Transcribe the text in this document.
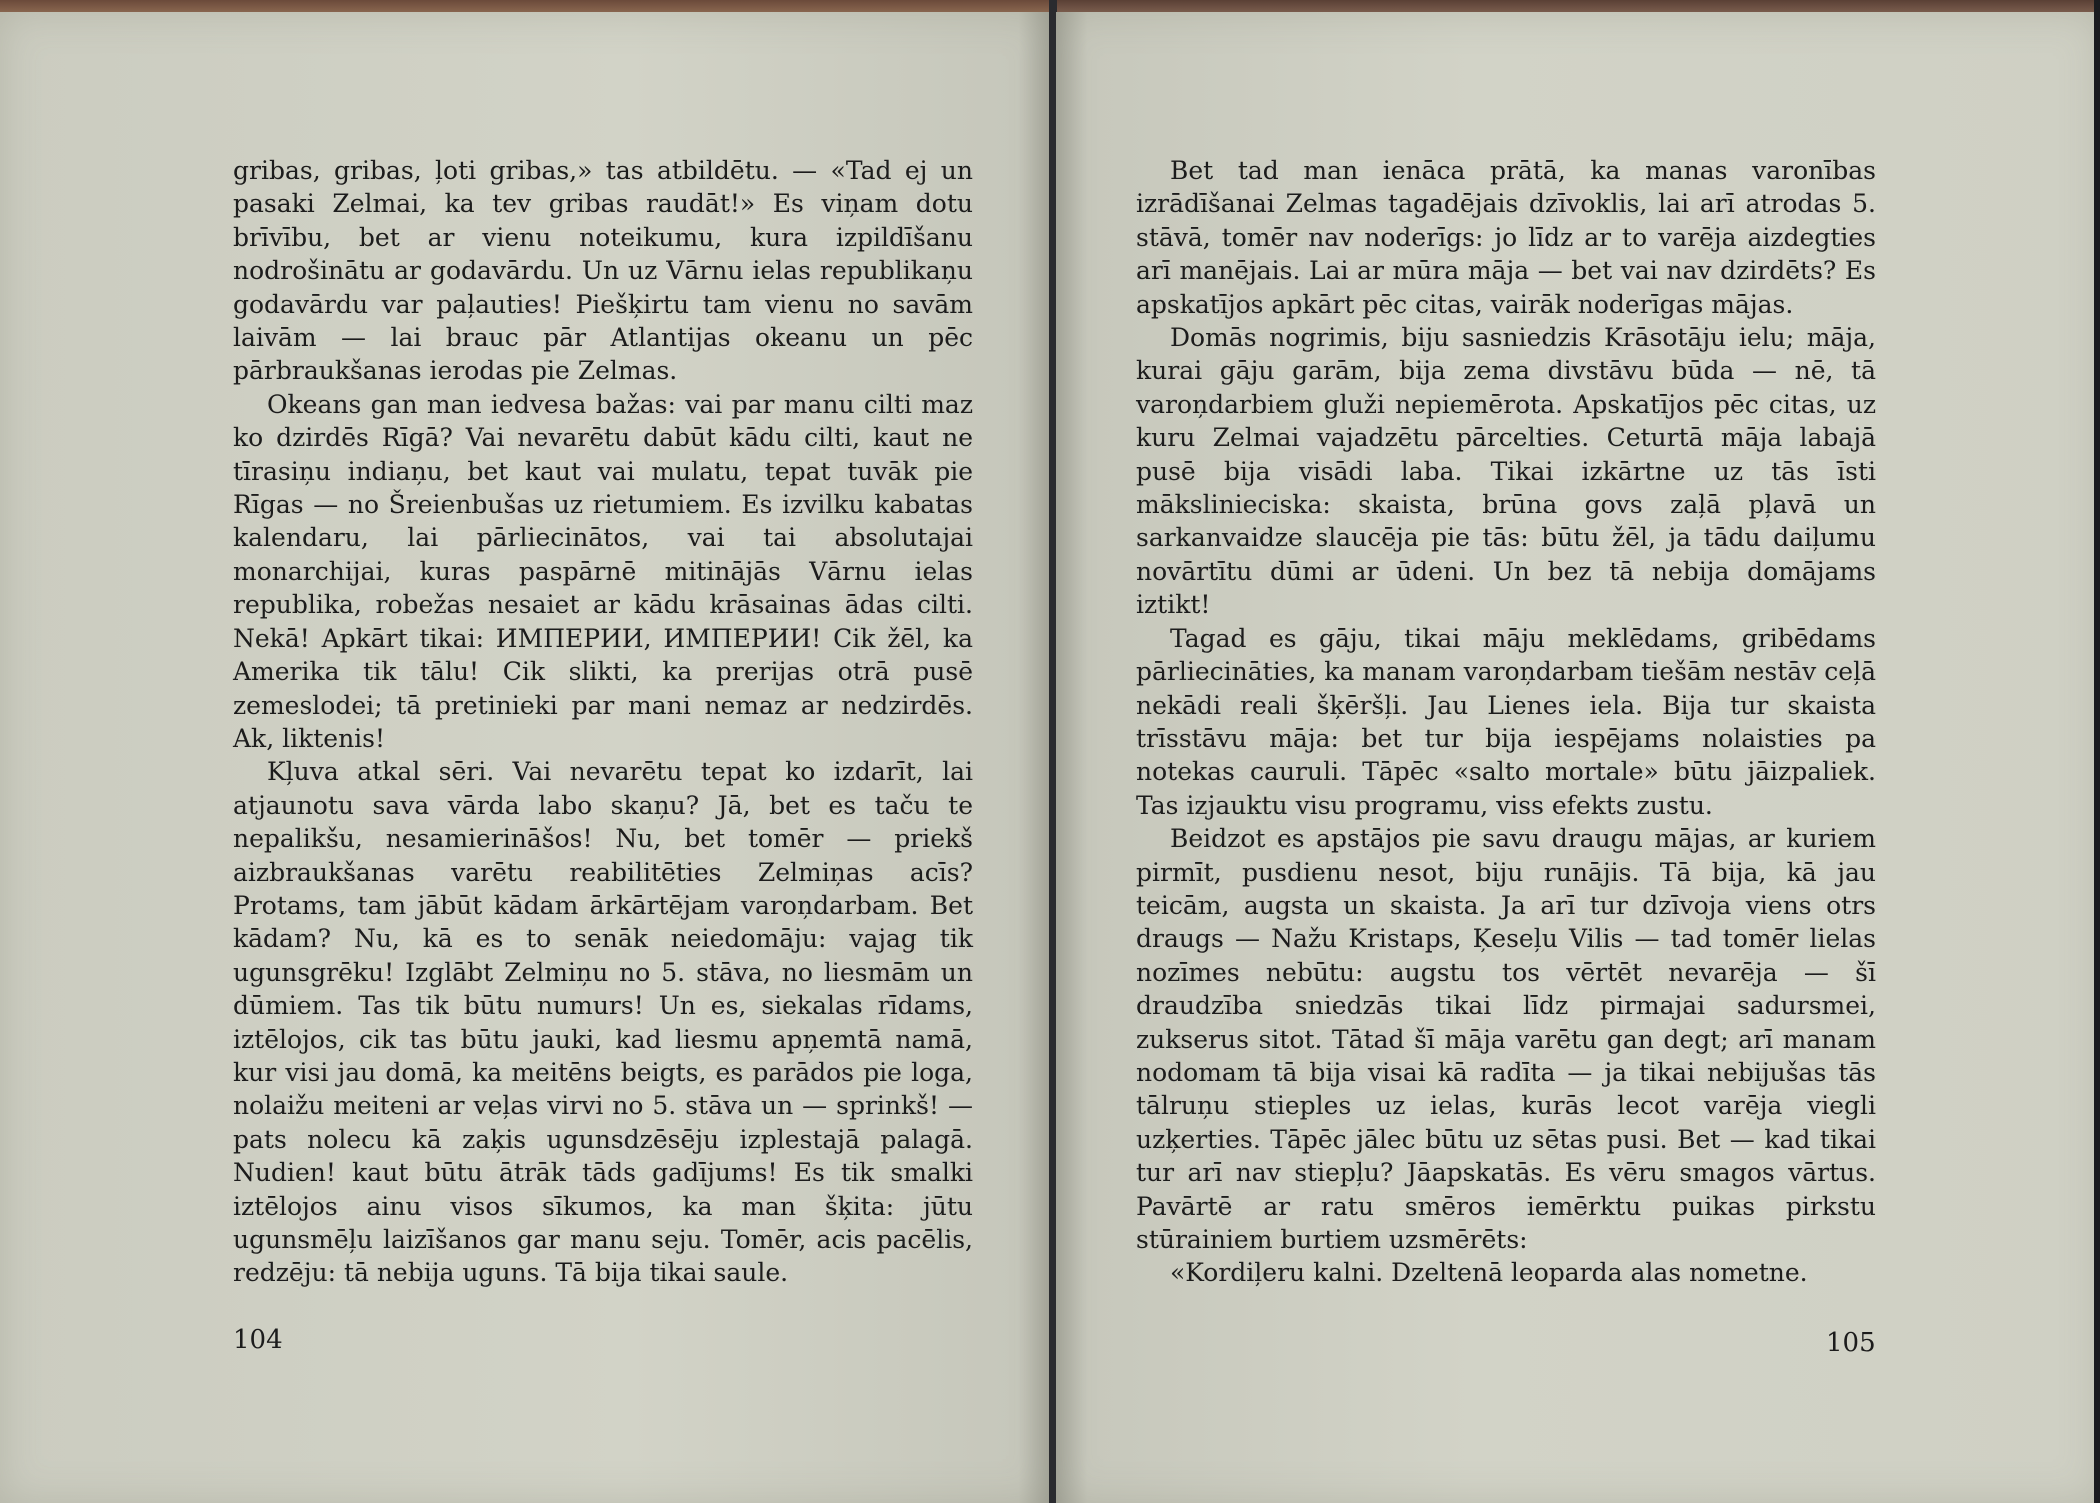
gribas, gribas, ļoti gribas,» tas atbildētu. — «Tad ej un pasaki Zelmai, ka tev gribas raudāt!» Es viņam dotu brīvību, bet ar vienu noteikumu, kura izpildīšanu nodrošinātu ar godavārdu. Un uz Vārnu ielas republikaņu godavārdu var paļauties! Piešķirtu tam vienu no savām laivām — lai brauc pār Atlantijas okeanu un pēc pārbraukšanas ierodas pie Zelmas.

Okeans gan man iedvesa bažas: vai par manu cilti maz ko dzirdēs Rīgā? Vai nevarētu dabūt kādu cilti, kaut ne tīrasiņu indiaņu, bet kaut vai mulatu, tepat tuvāk pie Rīgas — no Šreienbušas uz rietumiem. Es izvilku kabatas kalendaru, lai pārliecinātos, vai tai absolutajai monarchijai, kuras paspārnē mitinājās Vārnu ielas republika, robežas nesaiet ar kādu krāsainas ādas cilti. Nekā! Apkārt tikai: ИМПЕРИИ, ИМПЕРИИ! Cik žēl, ka Amerika tik tālu! Cik slikti, ka prerijas otrā pusē zemeslodei; tā pretinieki par mani nemaz ar nedzirdēs. Ak, liktenis!

Kļuva atkal sēri. Vai nevarētu tepat ko izdarīt, lai atjaunotu sava vārda labo skaņu? Jā, bet es taču te nepalikšu, nesamierināšos! Nu, bet tomēr — priekš aizbraukšanas varētu reabilitēties Zelmiņas acīs? Protams, tam jābūt kādam ārkārtējam varoņdarbam. Bet kādam? Nu, kā es to senāk neiedomāju: vajag tik ugunsgrēku! Izglābt Zelmiņu no 5. stāva, no liesmām un dūmiem. Tas tik būtu numurs! Un es, siekalas rīdams, iztēlojos, cik tas būtu jauki, kad liesmu apņemtā namā, kur visi jau domā, ka meitēns beigts, es parādos pie loga, nolaižu meiteni ar veļas virvi no 5. stāva un — sprinkš! — pats nolecu kā zaķis ugunsdzēsēju izplestajā palagā. Nudien! kaut būtu ātrāk tāds gadījums! Es tik smalki iztēlojos ainu visos sīkumos, ka man šķita: jūtu ugunsmēļu laizīšanos gar manu seju. Tomēr, acis pacēlis, redzēju: tā nebija uguns. Tā bija tikai saule.

104

Bet tad man ienāca prātā, ka manas varonības izrādīšanai Zelmas tagadējais dzīvoklis, lai arī atrodas 5. stāvā, tomēr nav noderīgs: jo līdz ar to varēja aizdegties arī manējais. Lai ar mūra māja — bet vai nav dzirdēts? Es apskatījos apkārt pēc citas, vairāk noderīgas mājas.

Domās nogrimis, biju sasniedzis Krāsotāju ielu; māja, kurai gāju garām, bija zema divstāvu būda — nē, tā varoņdarbiem gluži nepiemērota. Apskatījos pēc citas, uz kuru Zelmai vajadzētu pārcelties. Ceturtā māja labajā pusē bija visādi laba. Tikai izkārtne uz tās īsti mākslinieciska: skaista, brūna govs zaļā pļavā un sarkanvaidze slaucēja pie tās: būtu žēl, ja tādu daiļumu novārtītu dūmi ar ūdeni. Un bez tā nebija domājams iztikt!

Tagad es gāju, tikai māju meklēdams, gribēdams pārliecināties, ka manam varoņdarbam tiešām nestāv ceļā nekādi reali šķēršļi. Jau Lienes iela. Bija tur skaista trīsstāvu māja: bet tur bija iespējams nolaisties pa notekas cauruli. Tāpēc «salto mortale» būtu jāizpaliek. Tas izjauktu visu programu, viss efekts zustu.

Beidzot es apstājos pie savu draugu mājas, ar kuriem pirmīt, pusdienu nesot, biju runājis. Tā bija, kā jau teicām, augsta un skaista. Ja arī tur dzīvoja viens otrs draugs — Nažu Kristaps, Ķeseļu Vilis — tad tomēr lielas nozīmes nebūtu: augstu tos vērtēt nevarēja — šī draudzība sniedzās tikai līdz pirmajai sadursmei, zukserus sitot. Tātad šī māja varētu gan degt; arī manam nodomam tā bija visai kā radīta — ja tikai nebijušas tās tālruņu stieples uz ielas, kurās lecot varēja viegli uzķerties. Tāpēc jālec būtu uz sētas pusi. Bet — kad tikai tur arī nav stiepļu? Jāapskatās. Es vēru smagos vārtus. Pavārtē ar ratu smēros iemērktu puikas pirkstu stūrainiem burtiem uzsmērēts:

«Kordiļeru kalni. Dzeltenā leoparda alas nometne.

105
